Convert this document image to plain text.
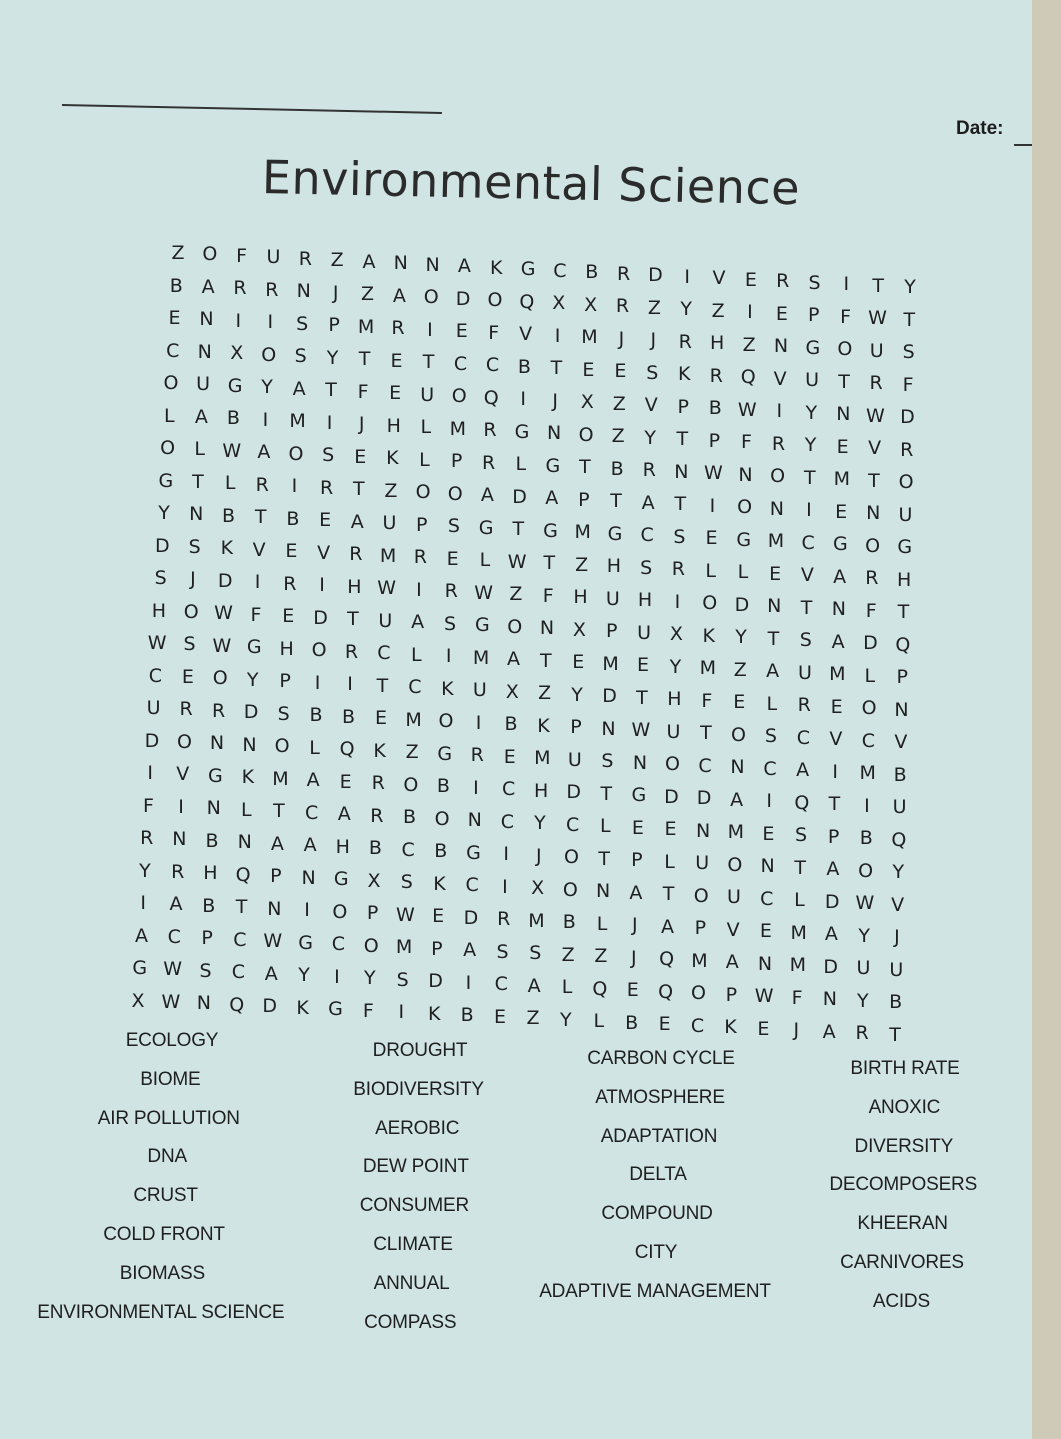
Date:
Environmental Science
Z O F	U R Z A N N A	K G C B R D	I	V	E	R	S	I	T	Y
B A R R N	J	Z A O D O Q X X R Z	Y	Z	I	E	P	F W T
E N	I	I	S	P M R	I	E	F	V	I	M	J	J	R H Z N G O U S
C N X O S	Y	T	E	T	C C B	T	E	E	S	K	R Q V U	T	R	F
O U G Y	A	T	F	E	U O Q	I	J	X Z	V	P	B W	I	Y	N W D
L	A	B	I	M	I	J	H	L M R G N O Z	Y	T	P	F	R	Y	E	V R
O	L W A O S	E	K	L	P	R	L	G T	B R N W N O T M T O
G T	L	R	I	R	T	Z O O A D A	P	T	A	T	I	O N	I	E	N U
Y	N B	T	B	E	A U	P	S G	T	G M G C	S	E G M C G O G
D S	K	V	E	V	R M R	E	L W T	Z H	S	R	L	L	E	V	A	R H
S	J	D	I	R	I	H W	I	R W Z	F	H U H	I	O D N	T	N	F	T
H O W F	E	D	T	U A	S G O N X	P	U X	K	Y	T	S	A D Q
W S W G H O R	C	L	I	M A	T	E M E	Y M Z	A U M L	P
C	E O	Y	P	I	I	T	C	K	U X	Z	Y	D	T	H	F	E	L	R	E O N
U R	R D	S	B	B	E M O	I	B	K	P	N W U	T	O S	C	V	C	V
D O N N O	L	Q K	Z G R	E M U	S	N O C N C	A	I	M B
I	V G K M A	E	R O B	I	C H D	T	G D D A	I	Q	T	I	U
F	I	N	L	T	C	A	R	B O N C	Y	C	L	E	E	N M E	S	P	B Q
R N	B	N	A	A	H	B	C	B G	I	J	O	T	P	L	U O N	T	A O	Y
Y	R H Q	P	N G X	S	K	C	I	X O N	A	T	O U	C	L	D W V
I	A	B	T	N	I	O	P W E	D R M B	L	J	A	P	V	E M A	Y	J
A	C	P	C W G C O M P	A	S	S	Z	Z	J	Q M A	N M D U U
G W S	C	A	Y	I	Y	S	D	I	C	A	L	Q	E	Q O	P W F	N	Y	B
X W N Q D	K	G	F	I	K	B	E	Z	Y	L	B	E	C	K	E	J	A	R	T
ECOLOGY
BIOME
AIR POLLUTION
DNA
CRUST
COLD FRONT
BIOMASS
ENVIRONMENTAL SCIENCE
DROUGHT
BIODIVERSITY
AEROBIC
DEW POINT
CONSUMER
CLIMATE
ANNUAL
COMPASS
CARBON CYCLE
ATMOSPHERE
ADAPTATION
DELTA
COMPOUND
CITY
ADAPTIVE MANAGEMENT
BIRTH RATE
ANOXIC
DIVERSITY
DECOMPOSERS
KHEERAN
CARNIVORES
ACIDS
